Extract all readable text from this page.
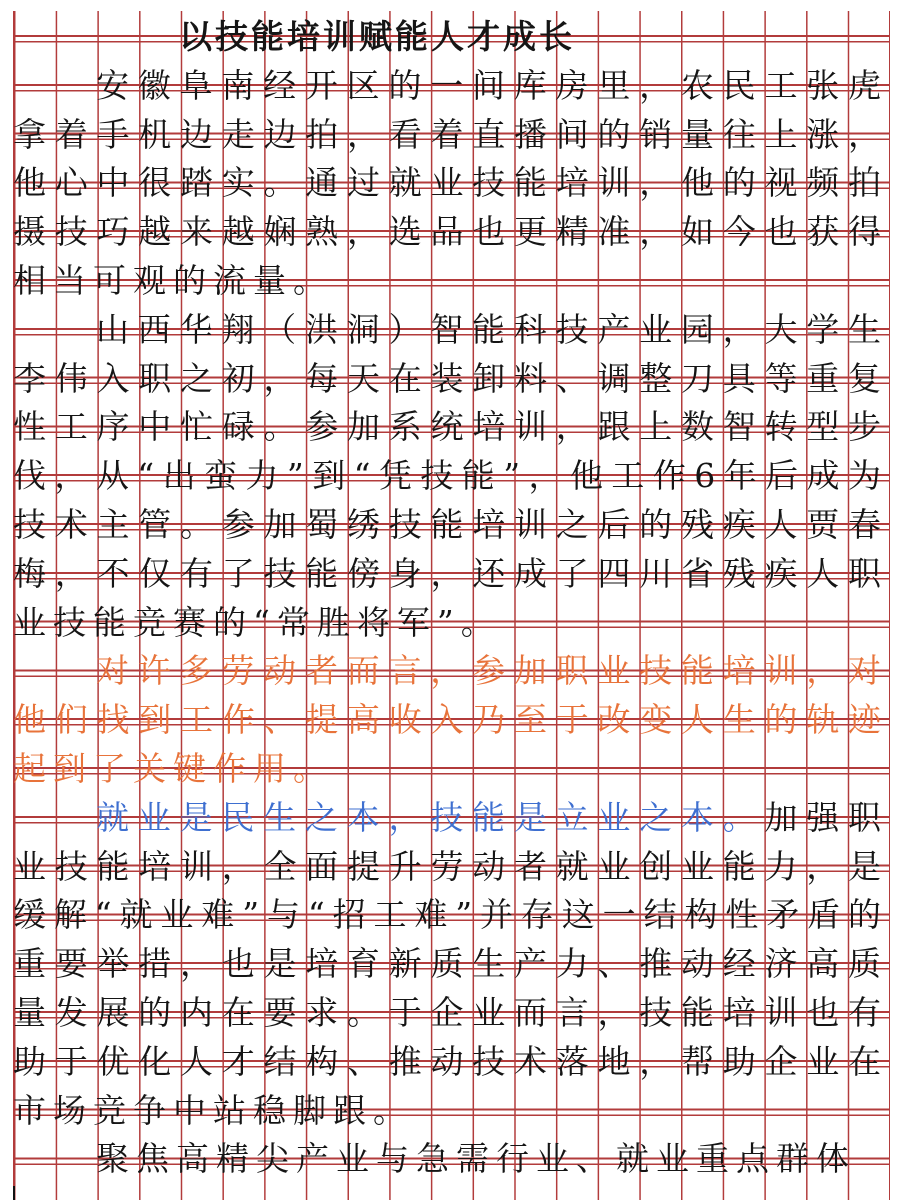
以技能培训赋能人才成长
安徽阜南经开区的一间库房里，农民工张虎拿着手机边走边拍，看着直播间的销量往上涨，他心中很踏实。通过就业技能培训，他的视频拍摄技巧越来越娴熟，选品也更精准，如今也获得相当可观的流量。
山西华翔（洪洞）智能科技产业园，大学生李伟入职之初，每天在装卸料、调整刀具等重复性工序中忙碌。参加系统培训，跟上数智转型步伐，从“出蛮力”到“凭技能”，他工作6年后成为技术主管。参加蜀绣技能培训之后的残疾人贾春梅，不仅有了技能傍身，还成了四川省残疾人职业技能竞赛的“常胜将军”。
对许多劳动者而言，参加职业技能培训，对他们找到工作、提高收入乃至于改变人生的轨迹起到了关键作用。
就业是民生之本，技能是立业之本。加强职业技能培训，全面提升劳动者就业创业能力，是缓解“就业难”与“招工难”并存这一结构性矛盾的重要举措，也是培育新质生产力、推动经济高质量发展的内在要求。于企业而言，技能培训也有助于优化人才结构、推动技术落地，帮助企业在市场竞争中站稳脚跟。
聚焦高精尖产业与急需行业、就业重点群体
